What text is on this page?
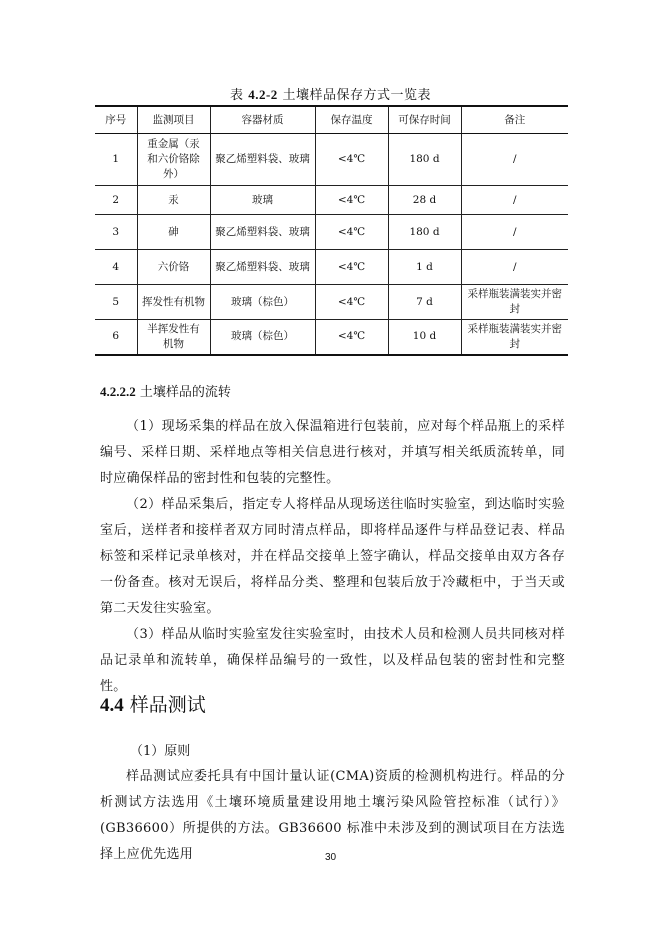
表 4.2-2 土壤样品保存方式一览表
序号	监测项目	容器材质	保存温度	可保存时间	备注
1	重金属（汞和六价铬除外）	聚乙烯塑料袋、玻璃	<4℃	180 d	/
2	汞	玻璃	<4℃	28 d	/
3	砷	聚乙烯塑料袋、玻璃	<4℃	180 d	/
4	六价铬	聚乙烯塑料袋、玻璃	<4℃	1 d	/
5	挥发性有机物	玻璃（棕色）	<4℃	7 d	采样瓶装满装实并密封
6	半挥发性有机物	玻璃（棕色）	<4℃	10 d	采样瓶装满装实并密封
4.2.2.2 土壤样品的流转
（1）现场采集的样品在放入保温箱进行包装前，应对每个样品瓶上的采样编号、采样日期、采样地点等相关信息进行核对，并填写相关纸质流转单，同时应确保样品的密封性和包装的完整性。
（2）样品采集后，指定专人将样品从现场送往临时实验室，到达临时实验室后，送样者和接样者双方同时清点样品，即将样品逐件与样品登记表、样品标签和采样记录单核对，并在样品交接单上签字确认，样品交接单由双方各存一份备查。核对无误后，将样品分类、整理和包装后放于冷藏柜中，于当天或第二天发往实验室。
（3）样品从临时实验室发往实验室时，由技术人员和检测人员共同核对样品记录单和流转单，确保样品编号的一致性，以及样品包装的密封性和完整性。
4.4 样品测试
（1）原则
样品测试应委托具有中国计量认证(CMA)资质的检测机构进行。样品的分析测试方法选用《土壤环境质量建设用地土壤污染风险管控标准（试行）》(GB36600）所提供的方法。GB36600 标准中未涉及到的测试项目在方法选择上应优先选用	30
